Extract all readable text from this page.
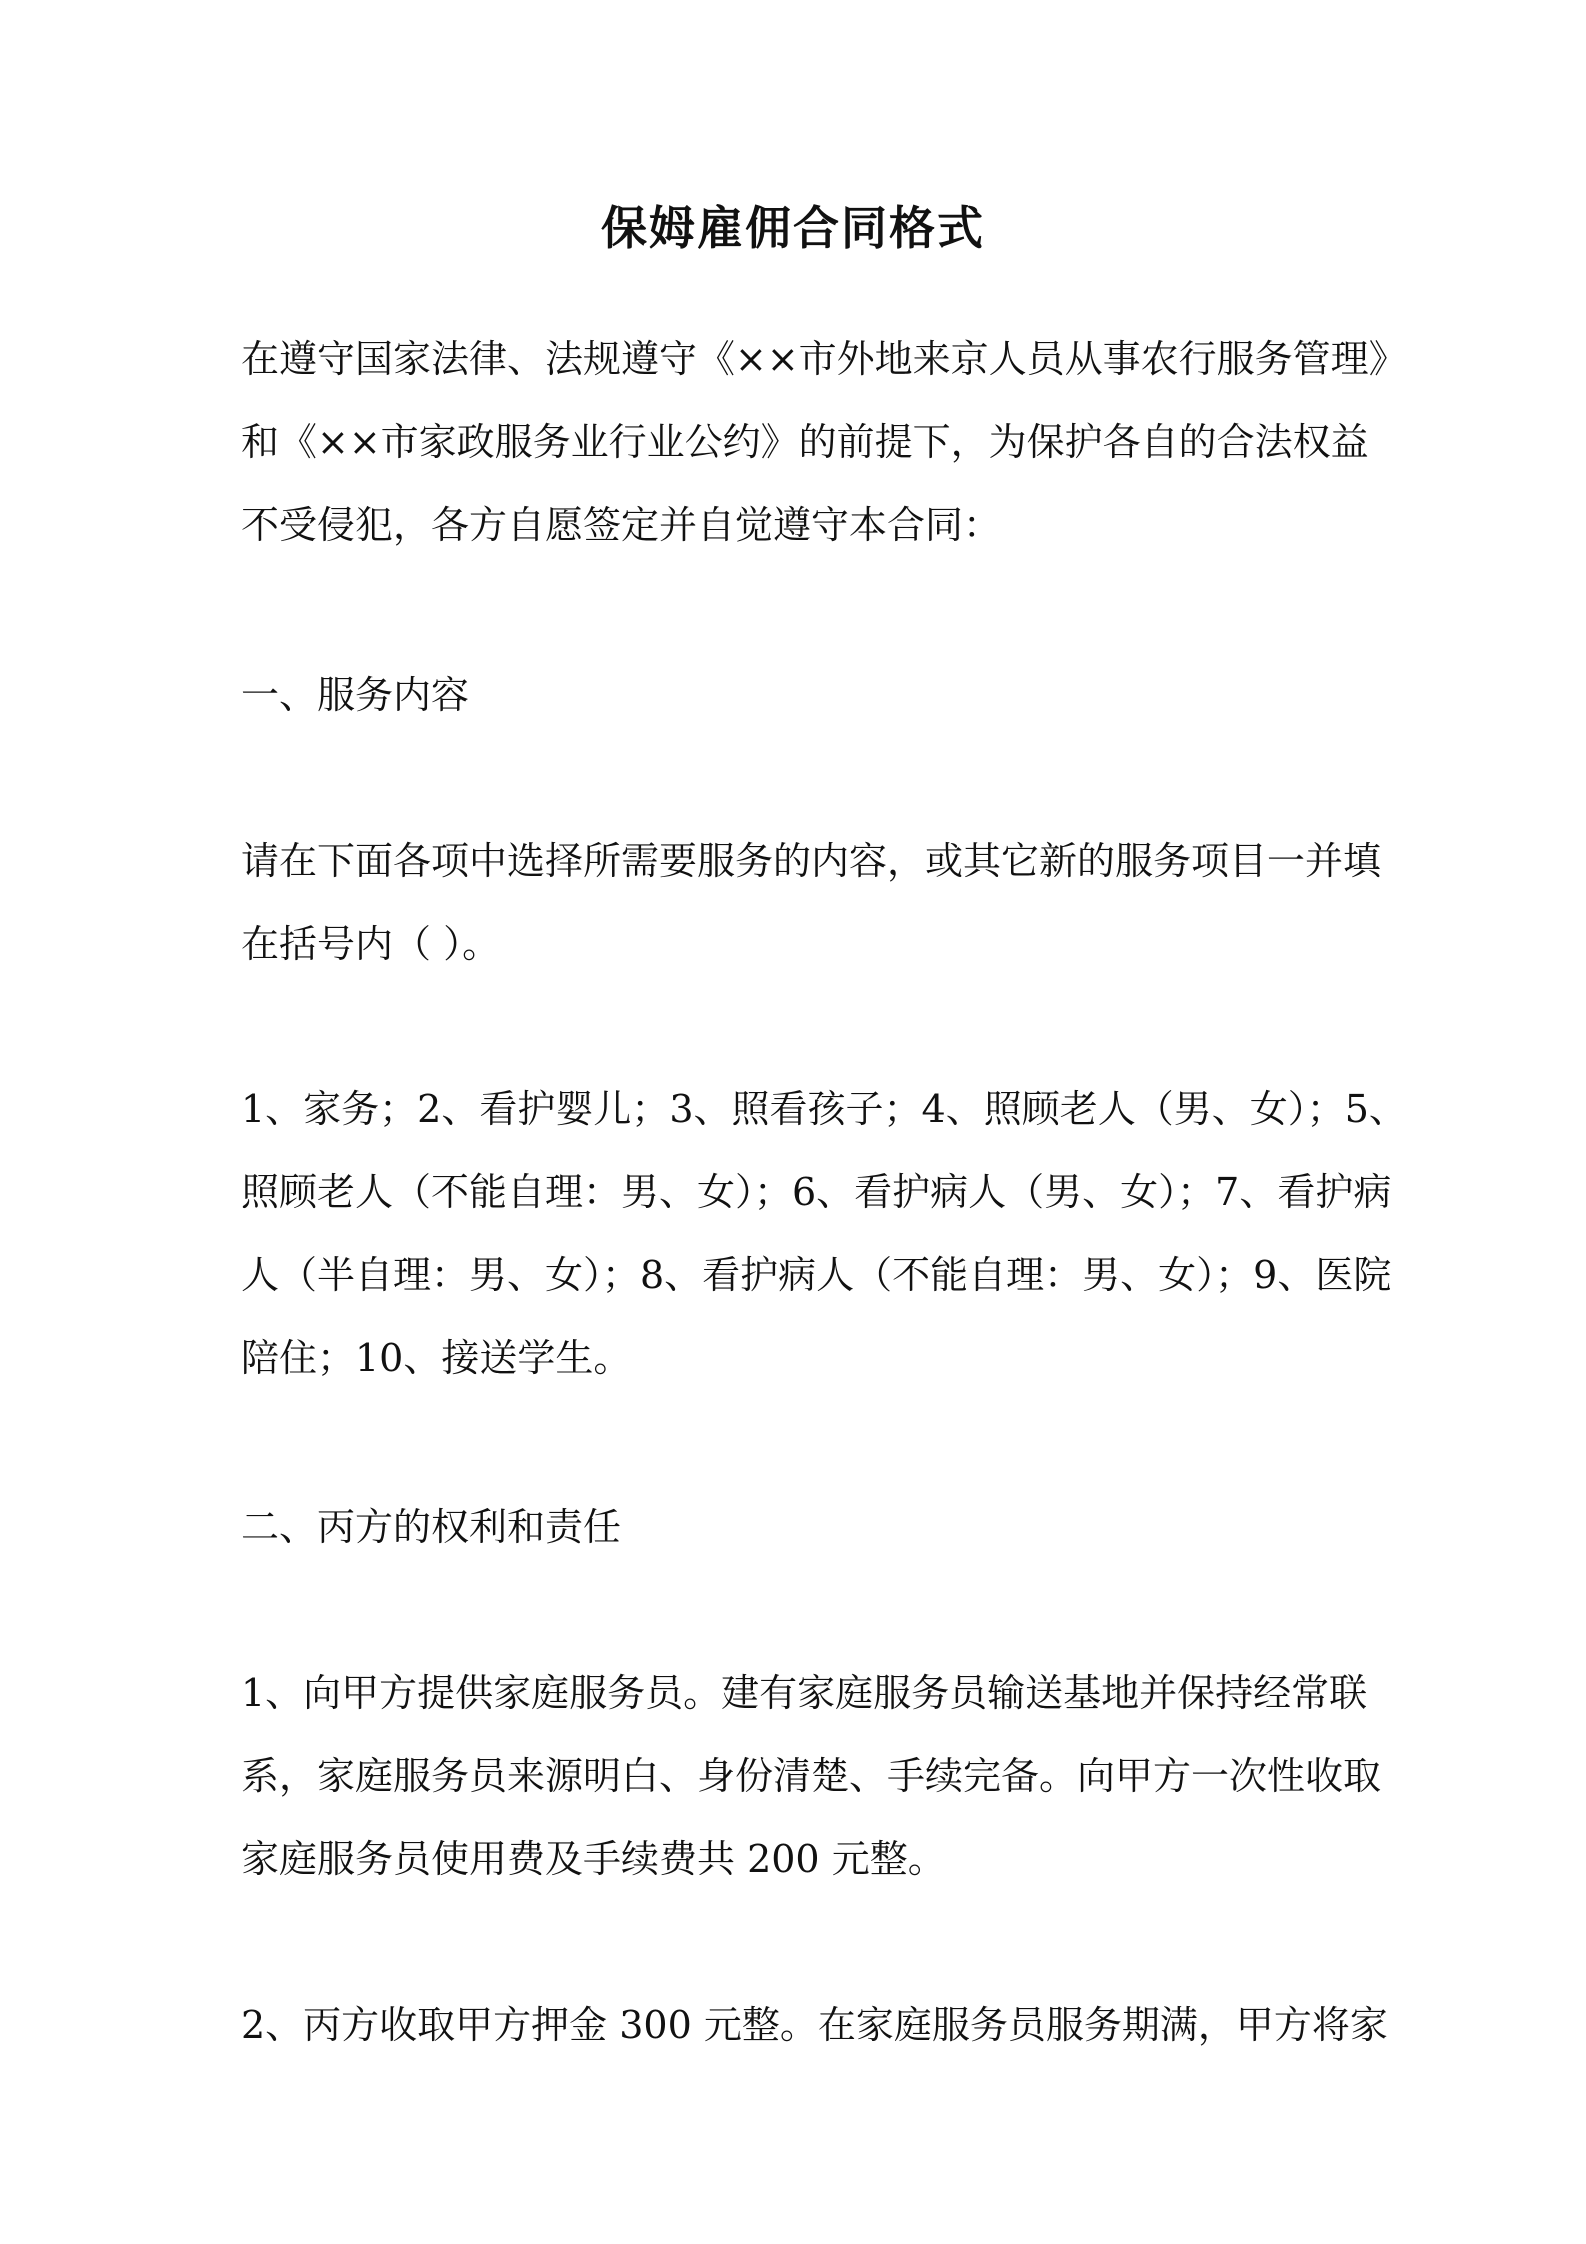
保姆雇佣合同格式
在遵守国家法律、法规遵守《××市外地来京人员从事农行服务管理》
和《××市家政服务业行业公约》的前提下，为保护各自的合法权益
不受侵犯，各方自愿签定并自觉遵守本合同：
一、服务内容
请在下面各项中选择所需要服务的内容，或其它新的服务项目一并填
在括号内（ ）。
1、家务；2、看护婴儿；3、照看孩子；4、照顾老人（男、女）；5、
照顾老人（不能自理：男、女）；6、看护病人（男、女）；7、看护病
人（半自理：男、女）；8、看护病人（不能自理：男、女）；9、医院
陪住；10、接送学生。
二、丙方的权利和责任
1、向甲方提供家庭服务员。建有家庭服务员输送基地并保持经常联
系，家庭服务员来源明白、身份清楚、手续完备。向甲方一次性收取
家庭服务员使用费及手续费共 200 元整。
2、丙方收取甲方押金 300 元整。在家庭服务员服务期满，甲方将家
